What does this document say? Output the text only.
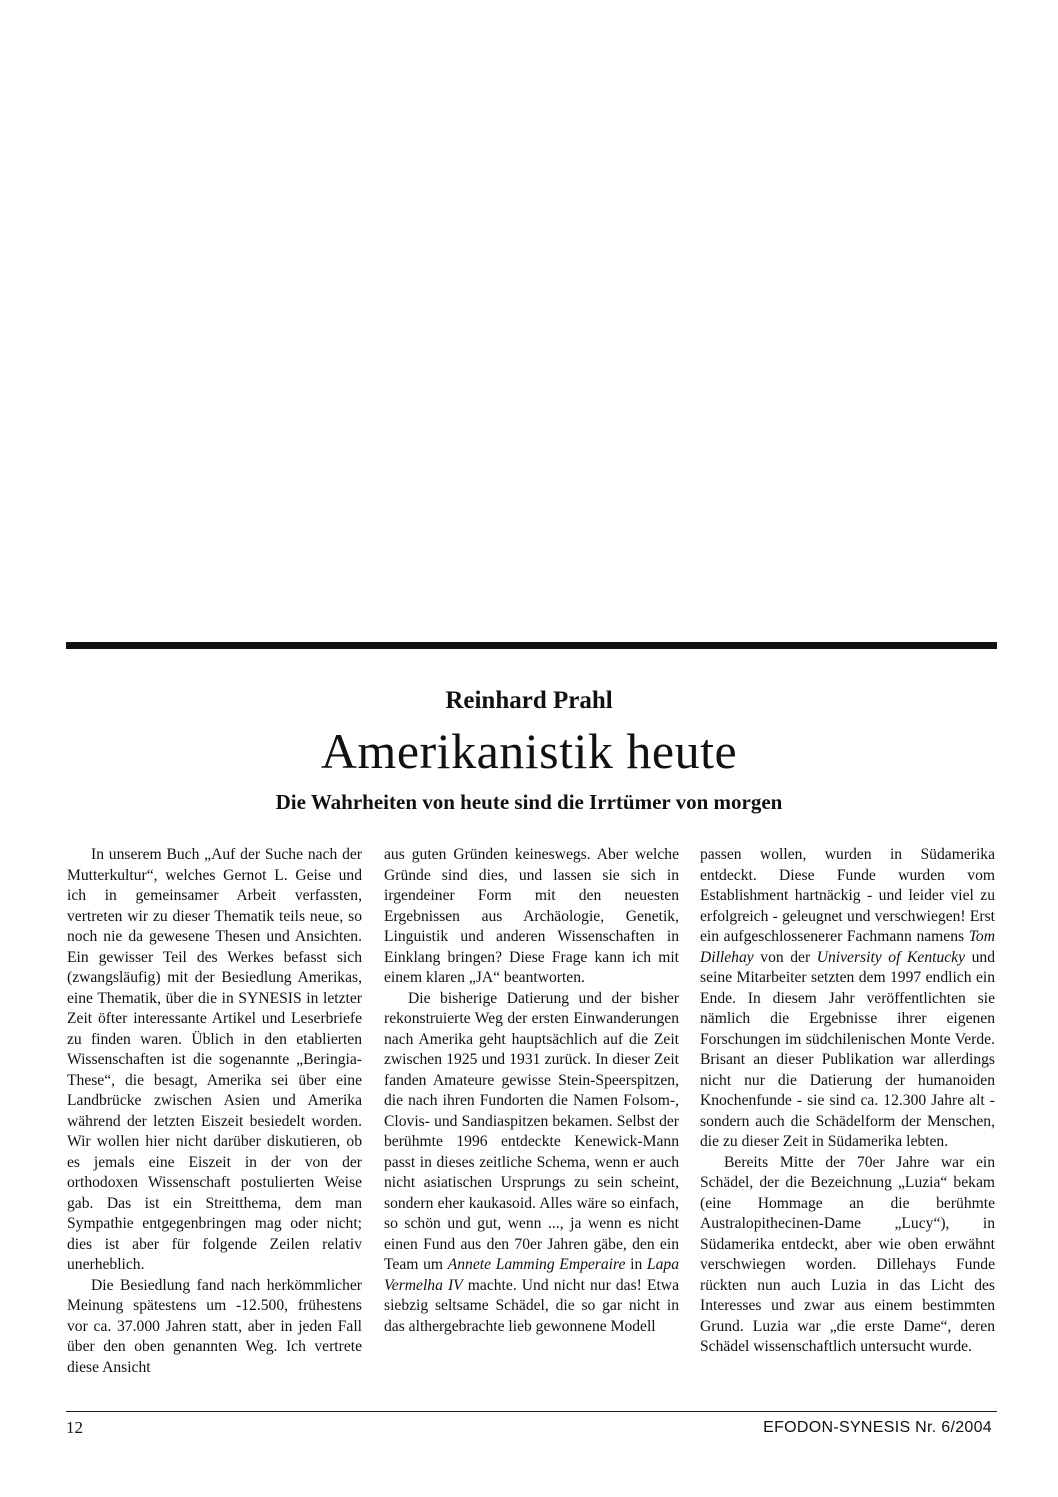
Reinhard Prahl
Amerikanistik heute
Die Wahrheiten von heute sind die Irrtümer von morgen

In unserem Buch „Auf der Suche nach der Mutterkultur“, welches Gernot L. Geise und ich in gemeinsamer Arbeit verfassten, vertreten wir zu dieser Thematik teils neue, so noch nie da gewesene Thesen und Ansichten. Ein gewisser Teil des Werkes befasst sich (zwangsläufig) mit der Besiedlung Amerikas, eine Thematik, über die in SYNESIS in letzter Zeit öfter interessante Artikel und Leserbriefe zu finden waren. Üblich in den etablierten Wissenschaften ist die sogenannte „Beringia-These“, die besagt, Amerika sei über eine Landbrücke zwischen Asien und Amerika während der letzten Eiszeit besiedelt worden. Wir wollen hier nicht darüber diskutieren, ob es jemals eine Eiszeit in der von der orthodoxen Wissenschaft postulierten Weise gab. Das ist ein Streitthema, dem man Sympathie entgegenbringen mag oder nicht; dies ist aber für folgende Zeilen relativ unerheblich.

Die Besiedlung fand nach herkömmlicher Meinung spätestens um -12.500, frühestens vor ca. 37.000 Jahren statt, aber in jeden Fall über den oben genannten Weg. Ich vertrete diese Ansicht

aus guten Gründen keineswegs. Aber welche Gründe sind dies, und lassen sie sich in irgendeiner Form mit den neuesten Ergebnissen aus Archäologie, Genetik, Linguistik und anderen Wissenschaften in Einklang bringen? Diese Frage kann ich mit einem klaren „JA“ beantworten.

Die bisherige Datierung und der bisher rekonstruierte Weg der ersten Einwanderungen nach Amerika geht hauptsächlich auf die Zeit zwischen 1925 und 1931 zurück. In dieser Zeit fanden Amateure gewisse Stein-Speerspitzen, die nach ihren Fundorten die Namen Folsom-, Clovis- und Sandiaspitzen bekamen. Selbst der berühmte 1996 entdeckte Kenewick-Mann passt in dieses zeitliche Schema, wenn er auch nicht asiatischen Ursprungs zu sein scheint, sondern eher kaukasoid. Alles wäre so einfach, so schön und gut, wenn ..., ja wenn es nicht einen Fund aus den 70er Jahren gäbe, den ein Team um Annete Lamming Emperaire in Lapa Vermelha IV machte. Und nicht nur das! Etwa siebzig seltsame Schädel, die so gar nicht in das althergebrachte lieb gewonnene Modell

passen wollen, wurden in Südamerika entdeckt. Diese Funde wurden vom Establishment hartnäckig - und leider viel zu erfolgreich - geleugnet und verschwiegen! Erst ein aufgeschlossenerer Fachmann namens Tom Dillehay von der University of Kentucky und seine Mitarbeiter setzten dem 1997 endlich ein Ende. In diesem Jahr veröffentlichten sie nämlich die Ergebnisse ihrer eigenen Forschungen im südchilenischen Monte Verde. Brisant an dieser Publikation war allerdings nicht nur die Datierung der humanoiden Knochenfunde - sie sind ca. 12.300 Jahre alt - sondern auch die Schädelform der Menschen, die zu dieser Zeit in Südamerika lebten.

Bereits Mitte der 70er Jahre war ein Schädel, der die Bezeichnung „Luzia“ bekam (eine Hommage an die berühmte Australopithecinen-Dame „Lucy“), in Südamerika entdeckt, aber wie oben erwähnt verschwiegen worden. Dillehays Funde rückten nun auch Luzia in das Licht des Interesses und zwar aus einem bestimmten Grund. Luzia war „die erste Dame“, deren Schädel wissenschaftlich untersucht wurde.

12	EFODON-SYNESIS Nr. 6/2004
